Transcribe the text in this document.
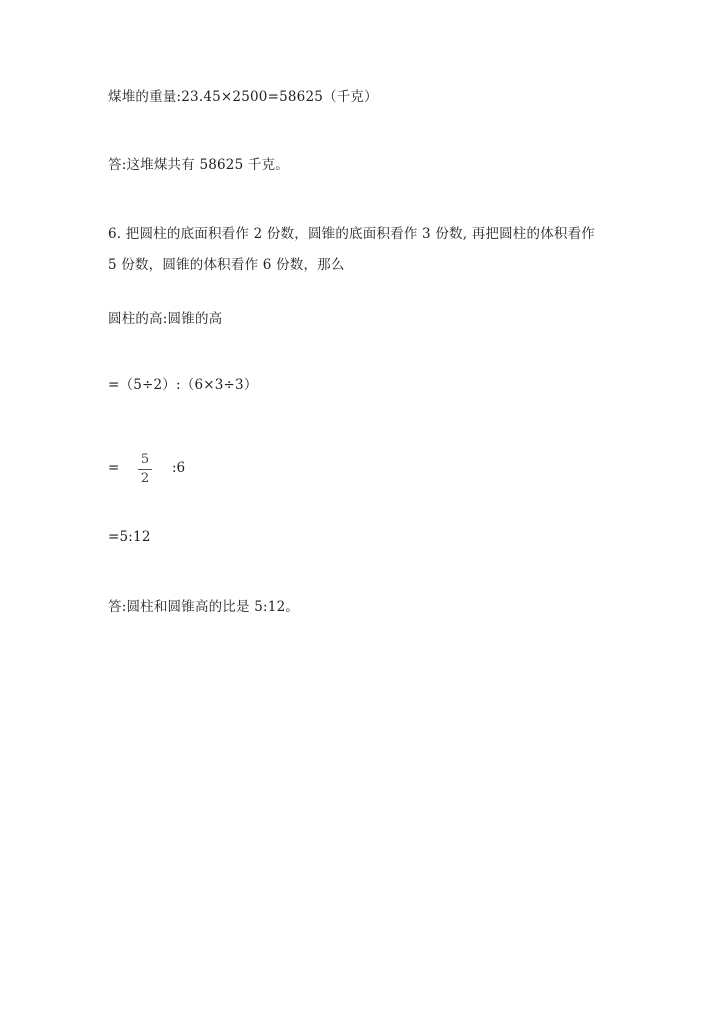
煤堆的重量:23.45×2500=58625（千克）
答:这堆煤共有 58625 千克。
6. 把圆柱的底面积看作 2 份数，圆锥的底面积看作 3 份数, 再把圆柱的体积看作
5 份数，圆锥的体积看作 6 份数，那么
圆柱的高:圆锥的高
=（5÷2）:（6×3÷3）
=
5
2
:6
=5:12
答:圆柱和圆锥高的比是 5:12。
